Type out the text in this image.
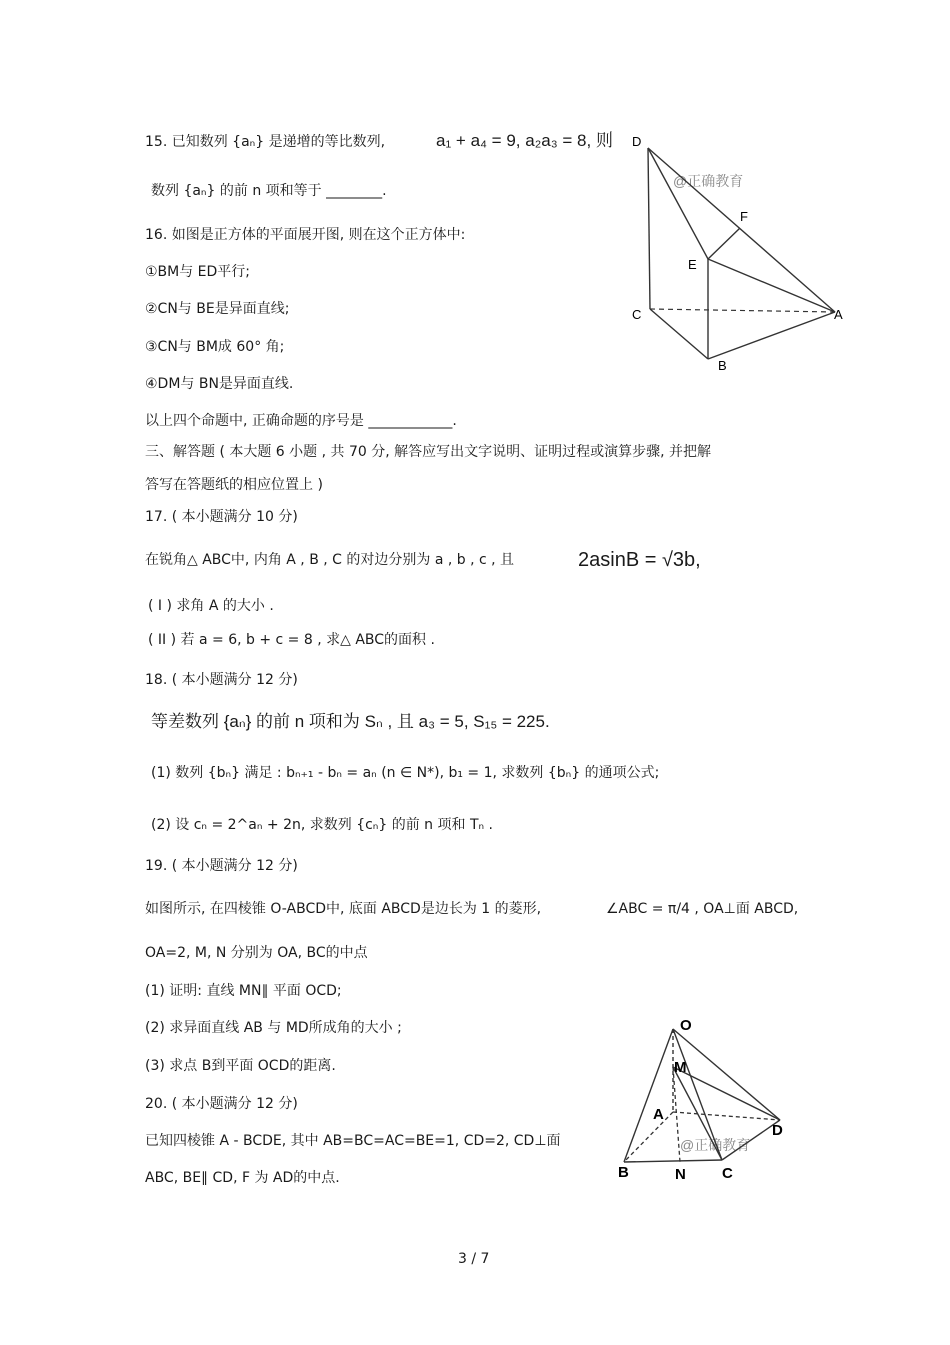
15. 已知数列 {aₙ} 是递增的等比数列,	a₁ + a₄ = 9, a₂a₃ = 8, 则
数列 {aₙ} 的前 n 项和等于 ________.
16. 如图是正方体的平面展开图, 则在这个正方体中:
①BM与 ED平行;
②CN与 BE是异面直线;
③CN与 BM成 60° 角;
④DM与 BN是异面直线.
以上四个命题中, 正确命题的序号是 ____________.
三、解答题 ( 本大题 6 小题 , 共 70 分, 解答应写出文字说明、证明过程或演算步骤, 并把解
答写在答题纸的相应位置上 )
17. ( 本小题满分 10 分)
在锐角△ ABC中, 内角 A , B , C 的对边分别为 a , b , c , 且	2asinB = √3b,
( I ) 求角 A 的大小 .
( II ) 若 a = 6, b + c = 8 , 求△ ABC的面积 .
18. ( 本小题满分 12 分)
等差数列 {aₙ} 的前 n 项和为 Sₙ , 且 a₃ = 5, S₁₅ = 225.
(1) 数列 {bₙ} 满足 : bₙ₊₁ - bₙ = aₙ (n ∈ N*), b₁ = 1, 求数列 {bₙ} 的通项公式;
(2) 设 cₙ = 2^aₙ + 2n, 求数列 {cₙ} 的前 n 项和 Tₙ .
19. ( 本小题满分 12 分)
如图所示, 在四棱锥 O-ABCD中, 底面 ABCD是边长为 1 的菱形,	∠ABC = π/4 , OA⊥面 ABCD,
OA=2, M, N 分别为 OA, BC的中点
(1) 证明: 直线 MN∥ 平面 OCD;
(2) 求异面直线 AB 与 MD所成角的大小 ;
(3) 求点 B到平面 OCD的距离.
20. ( 本小题满分 12 分)
已知四棱锥 A - BCDE, 其中 AB=BC=AC=BE=1, CD=2, CD⊥面
ABC, BE∥ CD, F 为 AD的中点.
@正确教育
D
E
F
C	A
B
@正确教育
O
M
A
D
B	N C
3 / 7
